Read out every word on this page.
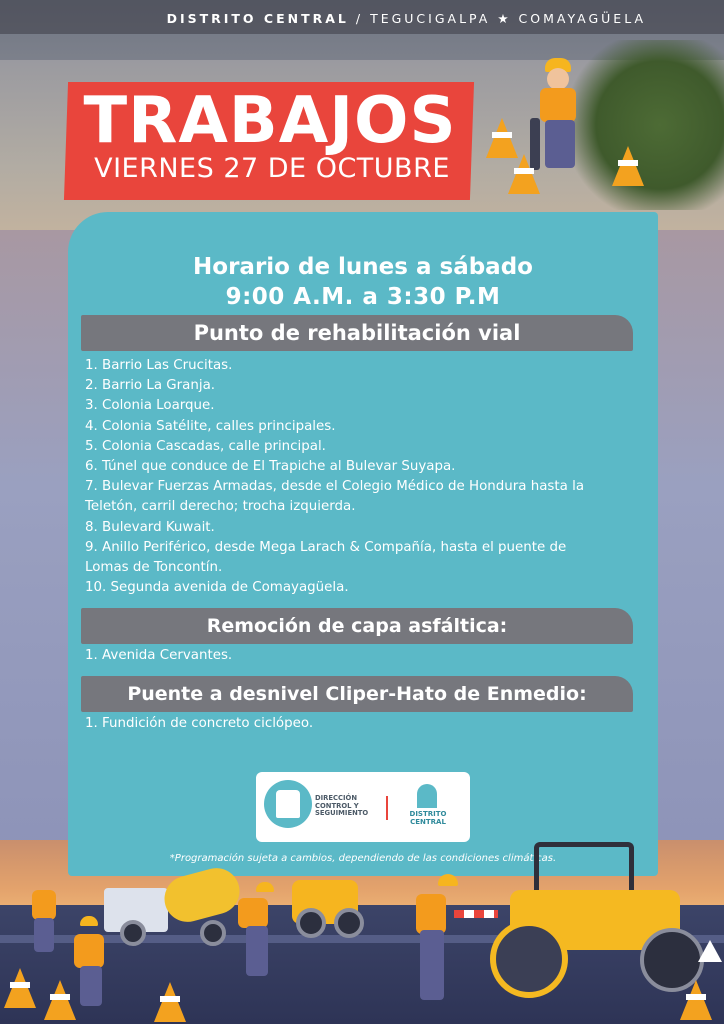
DISTRITO CENTRAL / TEGUCIGALPA ★ COMAYAGÜELA
TRABAJOS
VIERNES 27 DE OCTUBRE
Horario de lunes a sábado
9:00 A.M. a 3:30 P.M
Punto de rehabilitación vial
1. Barrio Las Crucitas.
2. Barrio La Granja.
3. Colonia Loarque.
4. Colonia Satélite, calles principales.
5. Colonia Cascadas, calle principal.
6. Túnel que conduce de El Trapiche al Bulevar Suyapa.
7. Bulevar Fuerzas Armadas, desde el Colegio Médico de Hondura hasta la
Teletón, carril derecho; trocha izquierda.
8. Bulevard Kuwait.
9. Anillo Periférico, desde Mega Larach & Compañía, hasta el puente de
Lomas de Toncontín.
10. Segunda avenida de Comayagüela.
Remoción de capa asfáltica:
1. Avenida Cervantes.
Puente a desnivel Cliper-Hato de Enmedio:
1. Fundición de concreto ciclópeo.
DIRECCIÓN
CONTROL Y
SEGUIMIENTO	DISTRITO
CENTRAL
*Programación sujeta a cambios, dependiendo de las condiciones climáticas.
